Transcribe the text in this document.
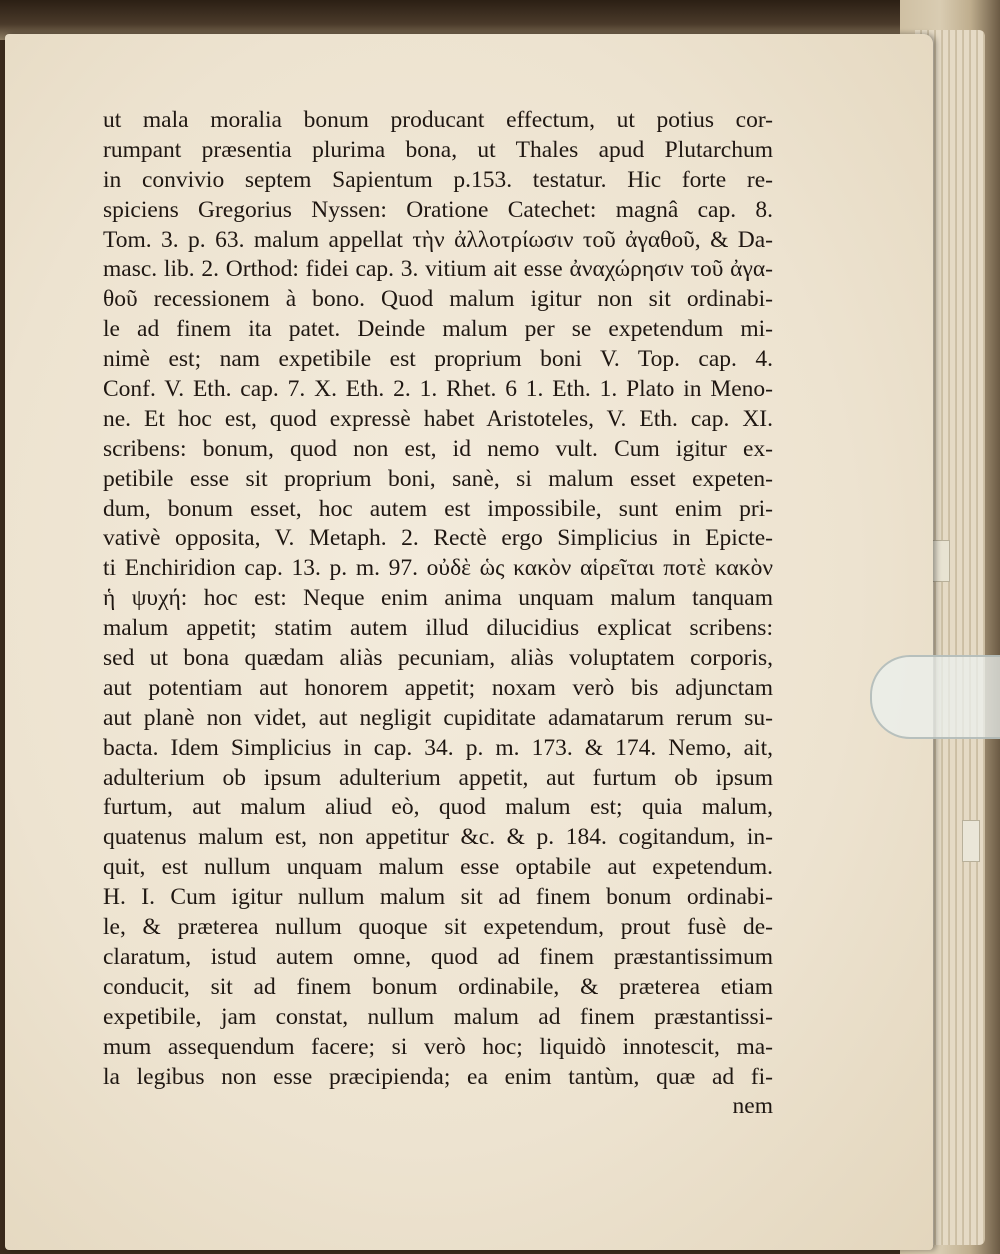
ut mala moralia bonum producant effectum, ut potius cor-
rumpant præsentia plurima bona, ut Thales apud Plutarchum
in convivio septem Sapientum p.153. testatur. Hic forte re-
spiciens Gregorius Nyssen: Oratione Catechet: magnâ cap. 8.
Tom. 3. p. 63. malum appellat τὴν ἀλλοτρίωσιν τοῦ ἀγαθοῦ, & Da-
masc. lib. 2. Orthod: fidei cap. 3. vitium ait esse ἀναχώρησιν τοῦ ἀγα-
θοῦ recessionem à bono. Quod malum igitur non sit ordinabi-
le ad finem ita patet. Deinde malum per se expetendum mi-
nimè est; nam expetibile est proprium boni V. Top. cap. 4.
Conf. V. Eth. cap. 7. X. Eth. 2. 1. Rhet. 6 1. Eth. 1. Plato in Meno-
ne. Et hoc est, quod expressè habet Aristoteles, V. Eth. cap. XI.
scribens: bonum, quod non est, id nemo vult. Cum igitur ex-
petibile esse sit proprium boni, sanè, si malum esset expeten-
dum, bonum esset, hoc autem est impossibile, sunt enim pri-
vativè opposita, V. Metaph. 2. Rectè ergo Simplicius in Epicte-
ti Enchiridion cap. 13. p. m. 97. οὐδὲ ὡς κακὸν αἱρεῖται ποτὲ κακὸν
ἡ ψυχή: hoc est: Neque enim anima unquam malum tanquam
malum appetit; statim autem illud dilucidius explicat scribens:
sed ut bona quædam aliàs pecuniam, aliàs voluptatem corporis,
aut potentiam aut honorem appetit; noxam verò bis adjunctam
aut planè non videt, aut negligit cupiditate adamatarum rerum su-
bacta. Idem Simplicius in cap. 34. p. m. 173. & 174. Nemo, ait,
adulterium ob ipsum adulterium appetit, aut furtum ob ipsum
furtum, aut malum aliud eò, quod malum est; quia malum,
quatenus malum est, non appetitur &c. & p. 184. cogitandum, in-
quit, est nullum unquam malum esse optabile aut expetendum.
H. I. Cum igitur nullum malum sit ad finem bonum ordinabi-
le, & præterea nullum quoque sit expetendum, prout fusè de-
claratum, istud autem omne, quod ad finem præstantissimum
conducit, sit ad finem bonum ordinabile, & præterea etiam
expetibile, jam constat, nullum malum ad finem præstantissi-
mum assequendum facere; si verò hoc; liquidò innotescit, ma-
la legibus non esse præcipienda; ea enim tantùm, quæ ad fi-
nem
